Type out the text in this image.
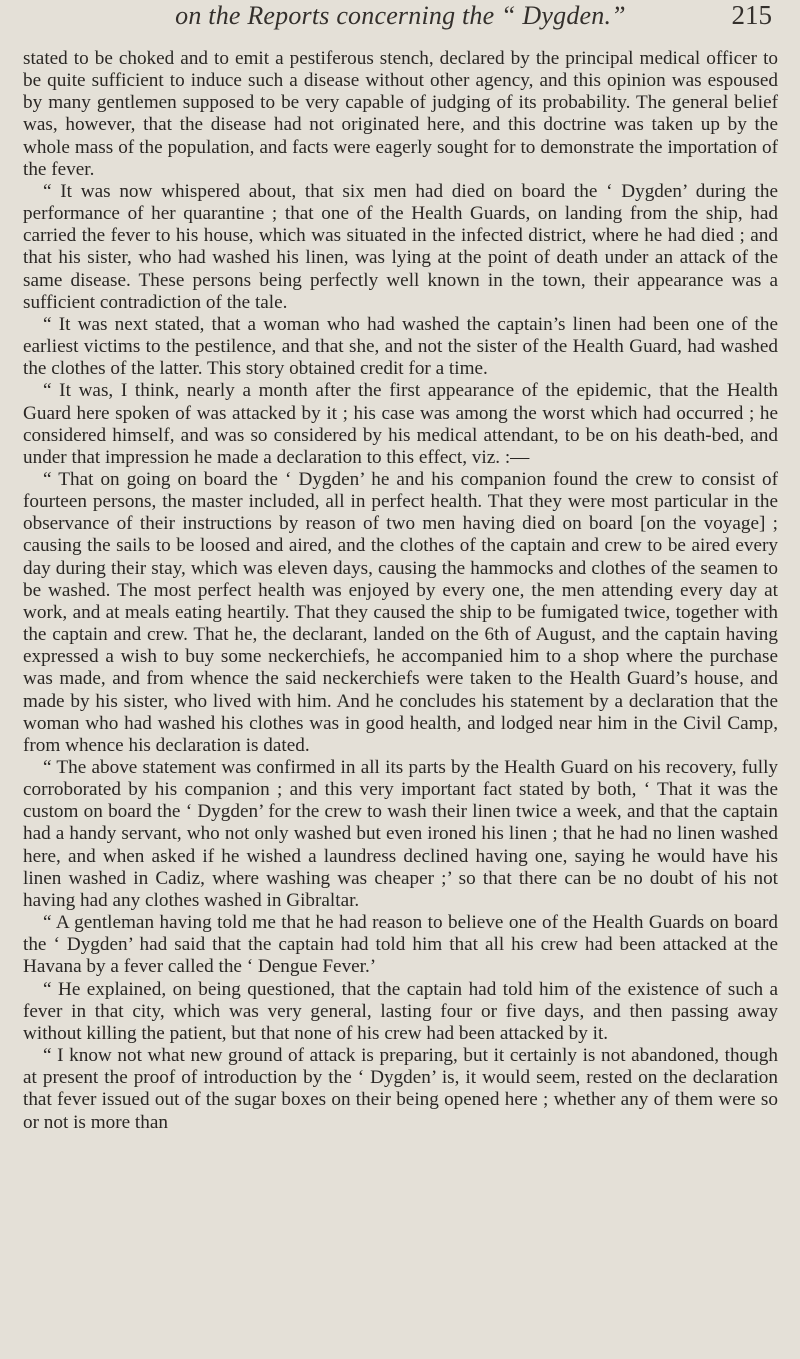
on the Reports concerning the “ Dygden.”	215

stated to be choked and to emit a pestiferous stench, declared by the principal medical officer to be quite sufficient to induce such a disease without other agency, and this opinion was espoused by many gentlemen supposed to be very capable of judging of its probability. The general belief was, however, that the disease had not originated here, and this doctrine was taken up by the whole mass of the population, and facts were eagerly sought for to demonstrate the importation of the fever.

“ It was now whispered about, that six men had died on board the ‘ Dygden’ during the performance of her quarantine ; that one of the Health Guards, on landing from the ship, had carried the fever to his house, which was situated in the infected district, where he had died ; and that his sister, who had washed his linen, was lying at the point of death under an attack of the same disease. These persons being perfectly well known in the town, their appearance was a sufficient contradiction of the tale.

“ It was next stated, that a woman who had washed the captain’s linen had been one of the earliest victims to the pestilence, and that she, and not the sister of the Health Guard, had washed the clothes of the latter. This story obtained credit for a time.

“ It was, I think, nearly a month after the first appearance of the epidemic, that the Health Guard here spoken of was attacked by it ; his case was among the worst which had occurred ; he considered himself, and was so considered by his medical attendant, to be on his death-bed, and under that impression he made a declaration to this effect, viz. :—

“ That on going on board the ‘ Dygden’ he and his companion found the crew to consist of fourteen persons, the master included, all in perfect health. That they were most particular in the observance of their instructions by reason of two men having died on board [on the voyage] ; causing the sails to be loosed and aired, and the clothes of the captain and crew to be aired every day during their stay, which was eleven days, causing the hammocks and clothes of the seamen to be washed. The most perfect health was enjoyed by every one, the men attending every day at work, and at meals eating heartily. That they caused the ship to be fumigated twice, together with the captain and crew. That he, the declarant, landed on the 6th of August, and the captain having expressed a wish to buy some neckerchiefs, he accompanied him to a shop where the purchase was made, and from whence the said neckerchiefs were taken to the Health Guard’s house, and made by his sister, who lived with him. And he concludes his statement by a declaration that the woman who had washed his clothes was in good health, and lodged near him in the Civil Camp, from whence his declaration is dated.

“ The above statement was confirmed in all its parts by the Health Guard on his recovery, fully corroborated by his companion ; and this very important fact stated by both, ‘ That it was the custom on board the ‘ Dygden’ for the crew to wash their linen twice a week, and that the captain had a handy servant, who not only washed but even ironed his linen ; that he had no linen washed here, and when asked if he wished a laundress declined having one, saying he would have his linen washed in Cadiz, where washing was cheaper ;’ so that there can be no doubt of his not having had any clothes washed in Gibraltar.

“ A gentleman having told me that he had reason to believe one of the Health Guards on board the ‘ Dygden’ had said that the captain had told him that all his crew had been attacked at the Havana by a fever called the ‘ Dengue Fever.’

“ He explained, on being questioned, that the captain had told him of the existence of such a fever in that city, which was very general, lasting four or five days, and then passing away without killing the patient, but that none of his crew had been attacked by it.

“ I know not what new ground of attack is preparing, but it certainly is not abandoned, though at present the proof of introduction by the ‘ Dygden’ is, it would seem, rested on the declaration that fever issued out of the sugar boxes on their being opened here ; whether any of them were so or not is more than
